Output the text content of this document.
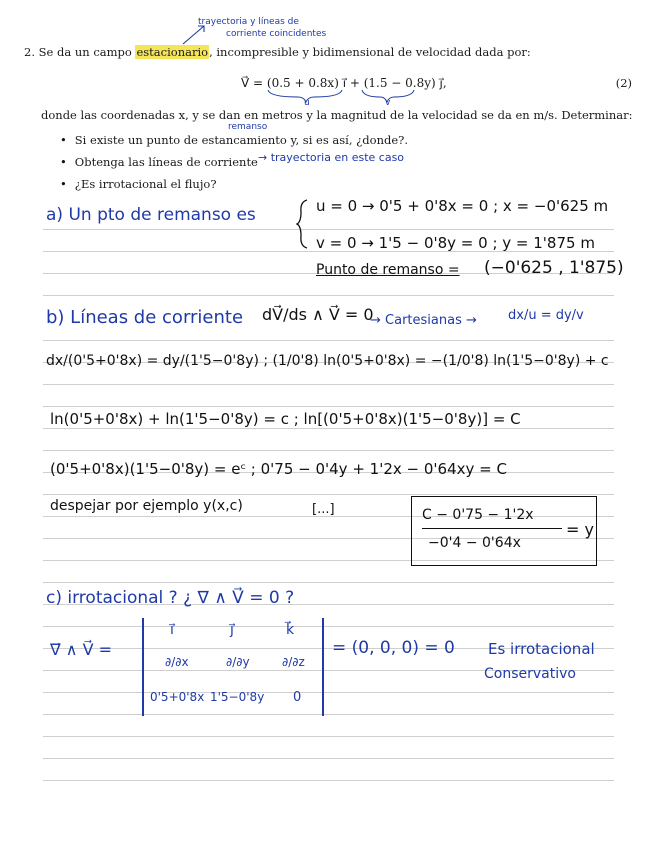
trayectoria y líneas de
corriente coincidentes
2. Se da un campo estacionario, incompresible y bidimensional de velocidad dada por:
V⃗ = (0.5 + 0.8x) i⃗ + (1.5 − 0.8y) j⃗,	(2)
u	v
donde las coordenadas x, y se dan en metros y la magnitud de la velocidad se da en m/s. Determinar:
remanso
• Si existe un punto de estancamiento y, si es así, ¿donde?.
• Obtenga las líneas de corriente → trayectoria en este caso
• ¿Es irrotacional el flujo?
a) Un pto de remanso es	u = 0 → 0'5 + 0'8x = 0 ; x = −0'625 m
v = 0 → 1'5 − 0'8y = 0 ; y = 1'875 m
Punto de remanso = (−0'625 , 1'875)
b) Líneas de corriente dV⃗/ds ∧ V⃗ = 0
→ Cartesianas → dx/u = dy/v
dx/(0'5+0'8x) = dy/(1'5−0'8y) ; (1/0'8) ln(0'5+0'8x) = −(1/0'8) ln(1'5−0'8y) + c
ln(0'5+0'8x) + ln(1'5−0'8y) = c ; ln[(0'5+0'8x)(1'5−0'8y)] = C
(0'5+0'8x)(1'5−0'8y) = eᶜ ; 0'75 − 0'4y + 1'2x − 0'64xy = C
despejar por ejemplo y(x,c)	[...]	C − 0'75 − 1'2x
−0'4 − 0'64x
= y
c) irrotacional ? ¿ ∇ ∧ V⃗ = 0 ?
∇⃗ ∧ V⃗ =
i⃗	j⃗	k⃗
∂/∂x	∂/∂y	∂/∂z
0'5+0'8x 1'5−0'8y 0
= (0, 0, 0) = 0 Es irrotacional
Conservativo
